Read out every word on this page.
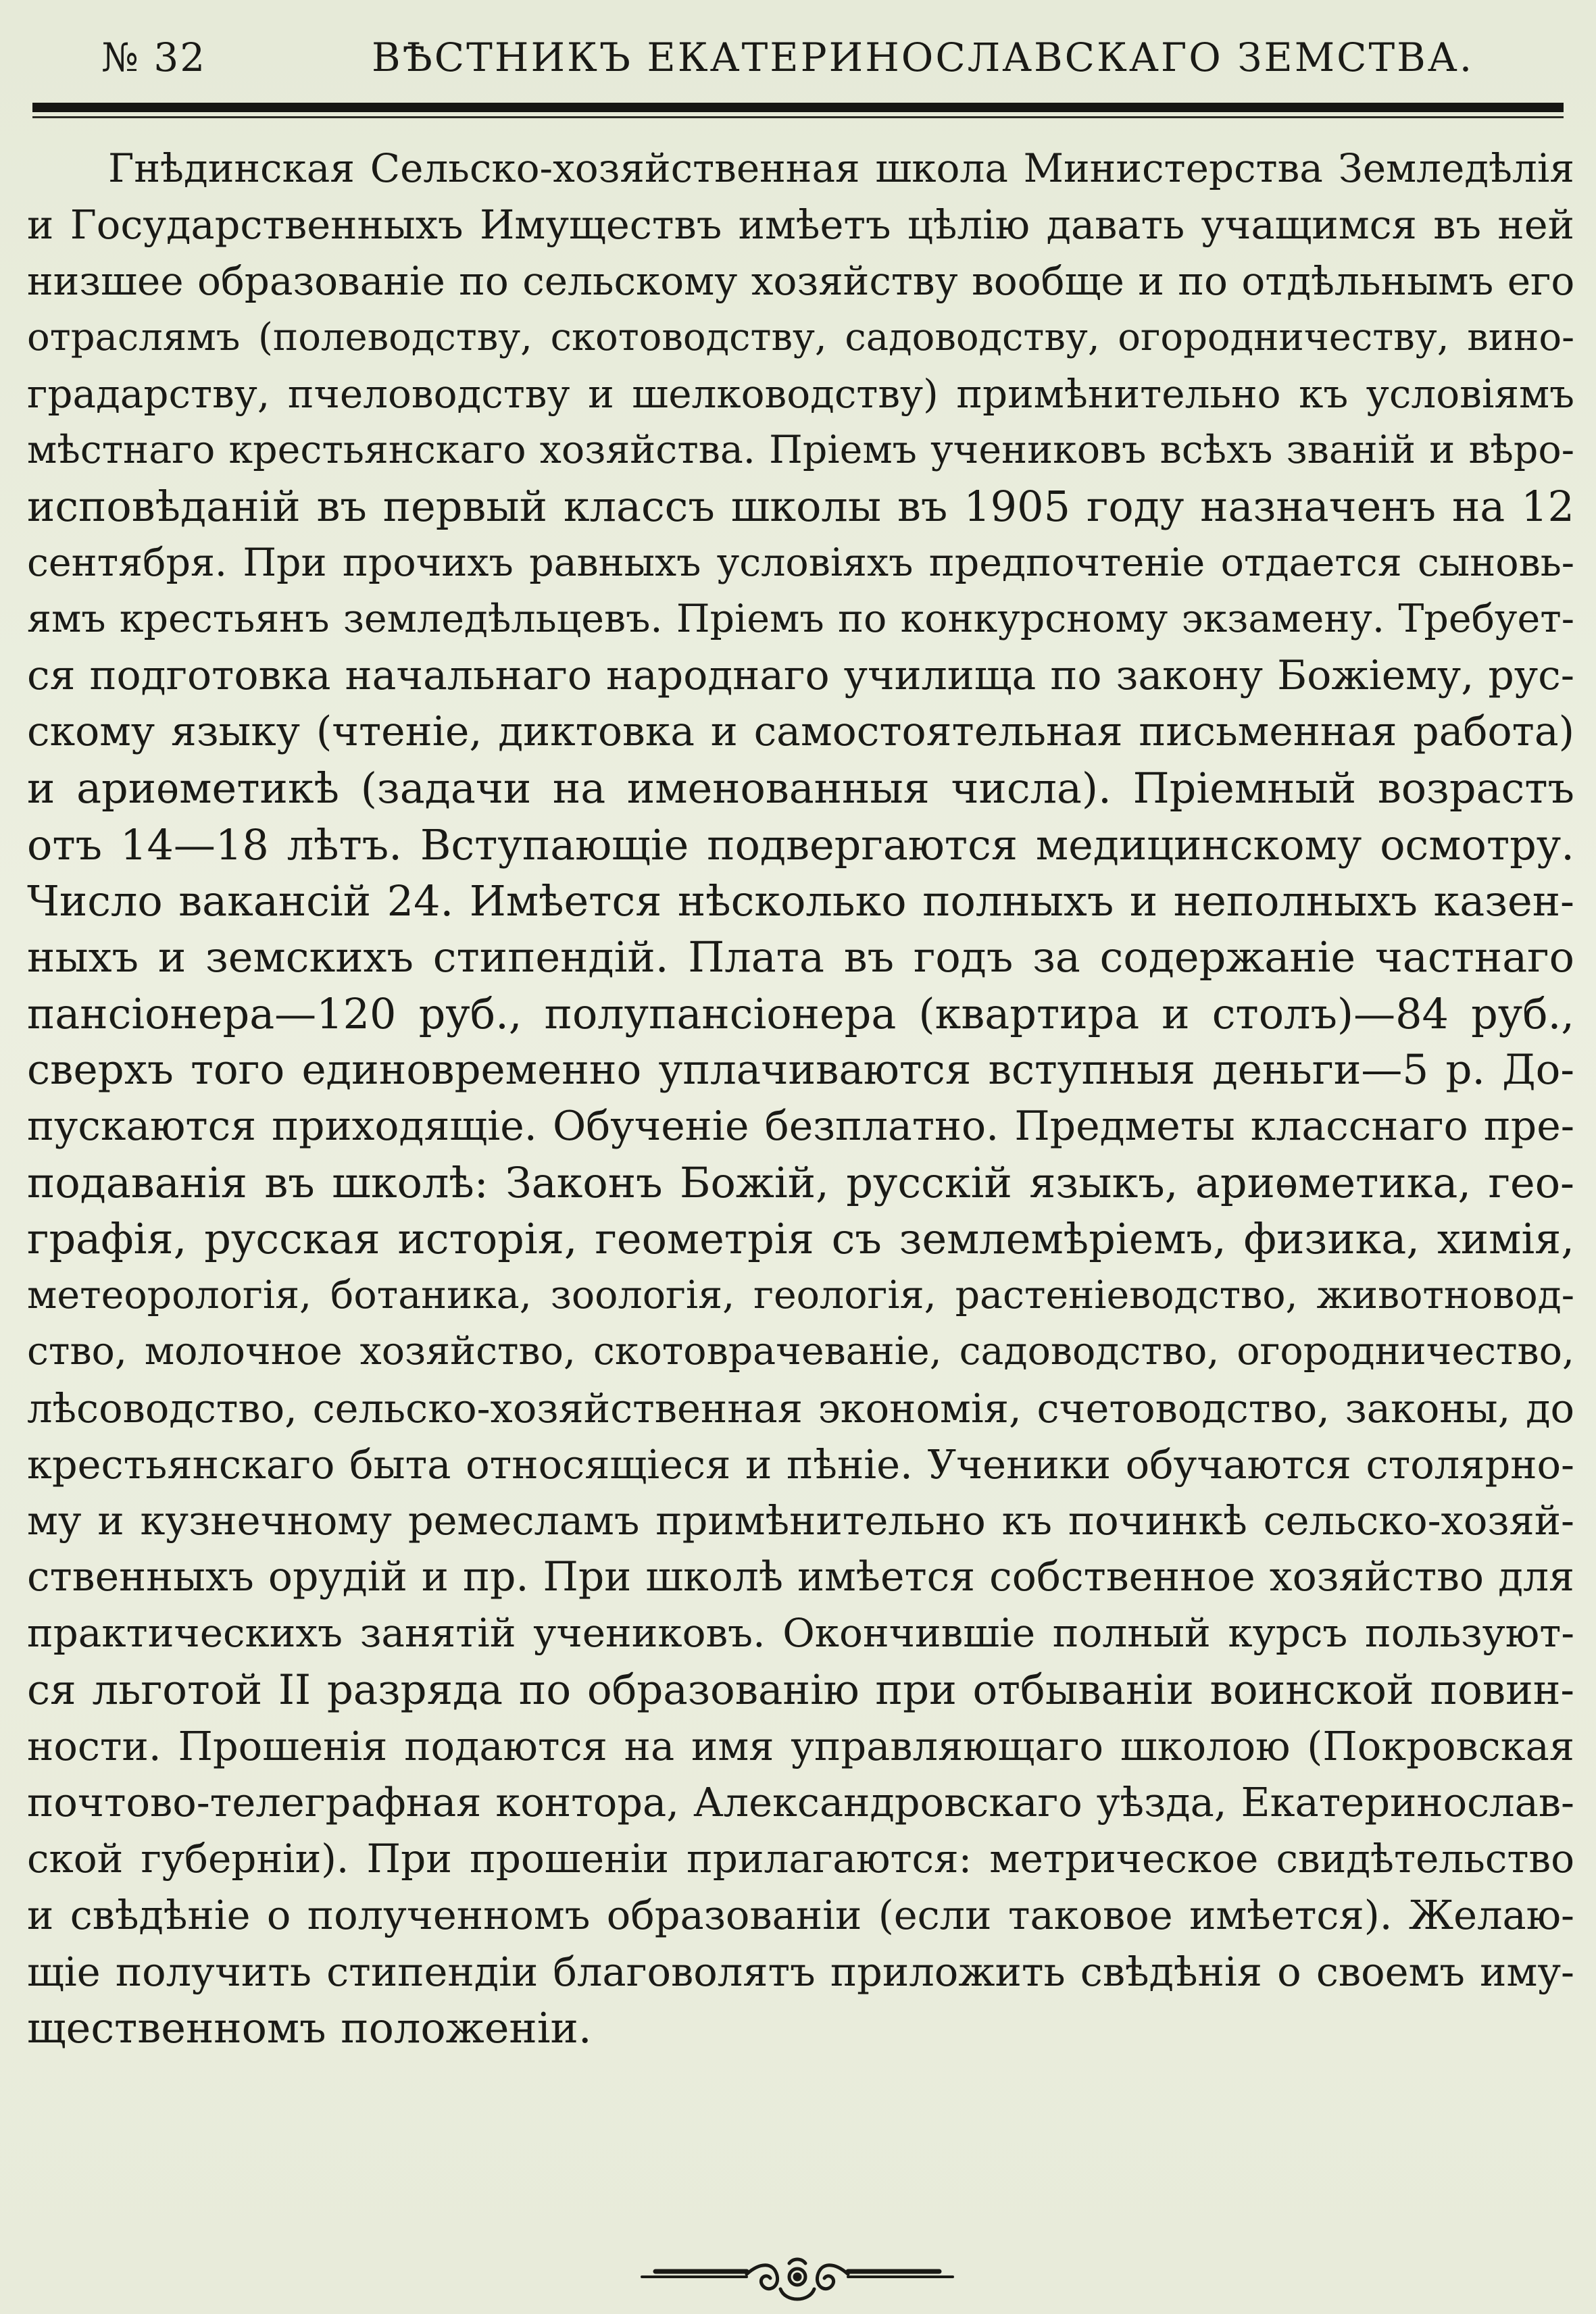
№ 32	ВѢСТНИКЪ ЕКАТЕРИНОСЛАВСКАГО ЗЕМСТВА.
Гнѣдинская Сельско-хозяйственная школа Министерства Земледѣлія
и Государственныхъ Имуществъ имѣетъ цѣлію давать учащимся въ ней
низшее образованіе по сельскому хозяйству вообще и по отдѣльнымъ его
отраслямъ (полеводству, скотоводству, садоводству, огородничеству, вино-
градарству, пчеловодству и шелководству) примѣнительно къ условіямъ
мѣстнаго крестьянскаго хозяйства. Пріемъ учениковъ всѣхъ званій и вѣро-
исповѣданій въ первый классъ школы въ 1905 году назначенъ на 12
сентября. При прочихъ равныхъ условіяхъ предпочтеніе отдается сыновь-
ямъ крестьянъ земледѣльцевъ. Пріемъ по конкурсному экзамену. Требует-
ся подготовка начальнаго народнаго училища по закону Божіему, рус-
скому языку (чтеніе, диктовка и самостоятельная письменная работа)
и ариѳметикѣ (задачи на именованныя числа). Пріемный возрастъ
отъ 14—18 лѣтъ. Вступающіе подвергаются медицинскому осмотру.
Число вакансій 24. Имѣется нѣсколько полныхъ и неполныхъ казен-
ныхъ и земскихъ стипендій. Плата въ годъ за содержаніе частнаго
пансіонера—120 руб., полупансіонера (квартира и столъ)—84 руб.,
сверхъ того единовременно уплачиваются вступныя деньги—5 р. До-
пускаются приходящіе. Обученіе безплатно. Предметы класснаго пре-
подаванія въ школѣ: Законъ Божій, русскій языкъ, ариѳметика, гео-
графія, русская исторія, геометрія съ землемѣріемъ, физика, химія,
метеорологія, ботаника, зоологія, геологія, растеніеводство, животновод-
ство, молочное хозяйство, скотоврачеваніе, садоводство, огородничество,
лѣсоводство, сельско-хозяйственная экономія, счетоводство, законы, до
крестьянскаго быта относящіеся и пѣніе. Ученики обучаются столярно-
му и кузнечному ремесламъ примѣнительно къ починкѣ сельско-хозяй-
ственныхъ орудій и пр. При школѣ имѣется собственное хозяйство для
практическихъ занятій учениковъ. Окончившіе полный курсъ пользуют-
ся льготой II разряда по образованію при отбываніи воинской повин-
ности. Прошенія подаются на имя управляющаго школою (Покровская
почтово-телеграфная контора, Александровскаго уѣзда, Екатеринослав-
ской губерніи). При прошеніи прилагаются: метрическое свидѣтельство
и свѣдѣніе о полученномъ образованіи (если таковое имѣется). Желаю-
щіе получить стипендіи благоволятъ приложить свѣдѣнія о своемъ иму-
щественномъ положеніи.
